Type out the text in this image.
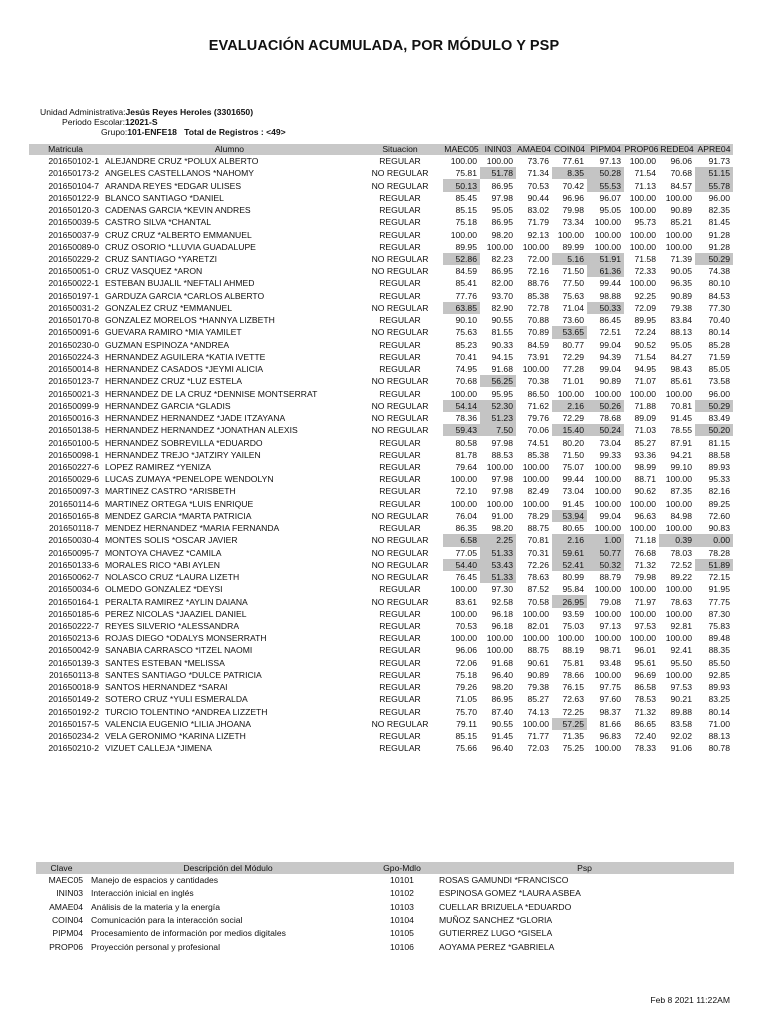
EVALUACIÓN ACUMULADA, POR MÓDULO Y PSP
Unidad Administrativa:Jesús Reyes Heroles (3301650)
Periodo Escolar:12021-S
Grupo:101-ENFE18 Total de Registros : <49>
Matricula	Alumno	Situacion	MAEC05	ININ03	AMAE04	COIN04	PIPM04	PROP06	REDE04	APRE04
201650102-1	ALEJANDRE CRUZ *POLUX ALBERTO	REGULAR	100.00	100.00	73.76	77.61	97.13	100.00	96.06	91.73
201650173-2	ANGELES CASTELLANOS *NAHOMY	NO REGULAR	75.81	51.78	71.34	8.35	50.28	71.54	70.68	51.15
201650104-7	ARANDA REYES *EDGAR ULISES	NO REGULAR	50.13	86.95	70.53	70.42	55.53	71.13	84.57	55.78
201650122-9	BLANCO SANTIAGO *DANIEL	REGULAR	85.45	97.98	90.44	96.96	96.07	100.00	100.00	96.00
201650120-3	CADENAS GARCIA *KEVIN ANDRES	REGULAR	85.15	95.05	83.02	79.98	95.05	100.00	90.89	82.35
201650039-5	CASTRO SILVA *CHANTAL	REGULAR	75.18	86.95	71.79	73.34	100.00	95.73	85.21	81.45
201650037-9	CRUZ CRUZ *ALBERTO EMMANUEL	REGULAR	100.00	98.20	92.13	100.00	100.00	100.00	100.00	91.28
201650089-0	CRUZ OSORIO *LLUVIA GUADALUPE	REGULAR	89.95	100.00	100.00	89.99	100.00	100.00	100.00	91.28
201650229-2	CRUZ SANTIAGO *YARETZI	NO REGULAR	52.86	82.23	72.00	5.16	51.91	71.58	71.39	50.29
201650051-0	CRUZ VASQUEZ *ARON	NO REGULAR	84.59	86.95	72.16	71.50	61.36	72.33	90.05	74.38
201650022-1	ESTEBAN BUJALIL *NEFTALI AHMED	REGULAR	85.41	82.00	88.76	77.50	99.44	100.00	96.35	80.10
201650197-1	GARDUZA GARCIA *CARLOS ALBERTO	REGULAR	77.76	93.70	85.38	75.63	98.88	92.25	90.89	84.53
201650031-2	GONZALEZ CRUZ *EMMANUEL	NO REGULAR	63.85	82.90	72.78	71.04	50.33	72.09	79.38	77.30
201650170-8	GONZALEZ MORELOS *HANNYA LIZBETH	REGULAR	90.10	90.55	70.88	73.60	86.45	89.95	83.84	70.40
201650091-6	GUEVARA RAMIRO *MIA YAMILET	NO REGULAR	75.63	81.55	70.89	53.65	72.51	72.24	88.13	80.14
201650230-0	GUZMAN ESPINOZA *ANDREA	REGULAR	85.23	90.33	84.59	80.77	99.04	90.52	95.05	85.28
201650224-3	HERNANDEZ AGUILERA *KATIA IVETTE	REGULAR	70.41	94.15	73.91	72.29	94.39	71.54	84.27	71.59
201650014-8	HERNANDEZ CASADOS *JEYMI ALICIA	REGULAR	74.95	91.68	100.00	77.28	99.04	94.95	98.43	85.05
201650123-7	HERNANDEZ CRUZ *LUZ ESTELA	NO REGULAR	70.68	56.25	70.38	71.01	90.89	71.07	85.61	73.58
201650021-3	HERNANDEZ DE LA CRUZ *DENNISE MONTSERRAT	REGULAR	100.00	95.95	86.50	100.00	100.00	100.00	100.00	96.00
201650099-9	HERNANDEZ GARCIA *GLADIS	NO REGULAR	54.14	52.30	71.62	2.16	50.26	71.88	70.81	50.29
201650016-3	HERNANDEZ HERNANDEZ *JADE ITZAYANA	NO REGULAR	78.36	51.23	79.76	72.29	78.68	89.09	91.45	83.49
201650138-5	HERNANDEZ HERNANDEZ *JONATHAN ALEXIS	NO REGULAR	59.43	7.50	70.06	15.40	50.24	71.03	78.55	50.20
201650100-5	HERNANDEZ SOBREVILLA *EDUARDO	REGULAR	80.58	97.98	74.51	80.20	73.04	85.27	87.91	81.15
201650098-1	HERNANDEZ TREJO *JATZIRY YAILEN	REGULAR	81.78	88.53	85.38	71.50	99.33	93.36	94.21	88.58
201650227-6	LOPEZ RAMIREZ *YENIZA	REGULAR	79.64	100.00	100.00	75.07	100.00	98.99	99.10	89.93
201650029-6	LUCAS ZUMAYA *PENELOPE WENDOLYN	REGULAR	100.00	97.98	100.00	99.44	100.00	88.71	100.00	95.33
201650097-3	MARTINEZ CASTRO *ARISBETH	REGULAR	72.10	97.98	82.49	73.04	100.00	90.62	87.35	82.16
201650114-6	MARTINEZ ORTEGA *LUIS ENRIQUE	REGULAR	100.00	100.00	100.00	91.45	100.00	100.00	100.00	89.25
201650165-8	MENDEZ GARCIA *MARTA PATRICIA	NO REGULAR	76.04	91.00	78.29	53.94	99.04	96.63	84.98	72.60
201650118-7	MENDEZ HERNANDEZ *MARIA FERNANDA	REGULAR	86.35	98.20	88.75	80.65	100.00	100.00	100.00	90.83
201650030-4	MONTES SOLIS *OSCAR JAVIER	NO REGULAR	6.58	2.25	70.81	2.16	1.00	71.18	0.39	0.00
201650095-7	MONTOYA CHAVEZ *CAMILA	NO REGULAR	77.05	51.33	70.31	59.61	50.77	76.68	78.03	78.28
201650133-6	MORALES RICO *ABI AYLEN	NO REGULAR	54.40	53.43	72.26	52.41	50.32	71.32	72.52	51.89
201650062-7	NOLASCO CRUZ *LAURA LIZETH	NO REGULAR	76.45	51.33	78.63	80.99	88.79	79.98	89.22	72.15
201650034-6	OLMEDO GONZALEZ *DEYSI	REGULAR	100.00	97.30	87.52	95.84	100.00	100.00	100.00	91.95
201650164-1	PERALTA RAMIREZ *AYLIN DAIANA	NO REGULAR	83.61	92.58	70.58	26.95	79.08	71.97	78.63	77.75
201650185-6	PEREZ NICOLAS *JAAZIEL DANIEL	REGULAR	100.00	96.18	100.00	93.59	100.00	100.00	100.00	87.30
201650222-7	REYES SILVERIO *ALESSANDRA	REGULAR	70.53	96.18	82.01	75.03	97.13	97.53	92.81	75.83
201650213-6	ROJAS DIEGO *ODALYS MONSERRATH	REGULAR	100.00	100.00	100.00	100.00	100.00	100.00	100.00	89.48
201650042-9	SANABIA CARRASCO *ITZEL NAOMI	REGULAR	96.06	100.00	88.75	88.19	98.71	96.01	92.41	88.35
201650139-3	SANTES ESTEBAN *MELISSA	REGULAR	72.06	91.68	90.61	75.81	93.48	95.61	95.50	85.50
201650113-8	SANTES SANTIAGO *DULCE PATRICIA	REGULAR	75.18	96.40	90.89	78.66	100.00	96.69	100.00	92.85
201650018-9	SANTOS HERNANDEZ *SARAI	REGULAR	79.26	98.20	79.38	76.15	97.75	86.58	97.53	89.93
201650149-2	SOTERO CRUZ *YULI ESMERALDA	REGULAR	71.05	86.95	85.27	72.63	97.60	78.53	90.21	83.25
201650192-2	TURCIO TOLENTINO *ANDREA LIZZETH	REGULAR	75.70	87.40	74.13	72.25	98.37	71.32	89.88	80.14
201650157-5	VALENCIA EUGENIO *LILIA JHOANA	NO REGULAR	79.11	90.55	100.00	57.25	81.66	86.65	83.58	71.00
201650234-2	VELA GERONIMO *KARINA LIZETH	REGULAR	85.15	91.45	71.77	71.35	96.83	72.40	92.02	88.13
201650210-2	VIZUET CALLEJA *JIMENA	REGULAR	75.66	96.40	72.03	75.25	100.00	78.33	91.06	80.78
Clave	Descripción del Módulo	Gpo-Mdlo	Psp
MAEC05	Manejo de espacios y cantidades	10101	ROSAS GAMUNDI *FRANCISCO
ININ03	Interacción inicial en inglés	10102	ESPINOSA GOMEZ *LAURA ASBEA
AMAE04	Análisis de la materia y la energía	10103	CUELLAR BRIZUELA *EDUARDO
COIN04	Comunicación para la interacción social	10104	MUÑOZ SANCHEZ *GLORIA
PIPM04	Procesamiento de información por medios digitales	10105	GUTIERREZ LUGO *GISELA
PROP06	Proyección personal y profesional	10106	AOYAMA PEREZ *GABRIELA
Feb 8 2021 11:22AM
